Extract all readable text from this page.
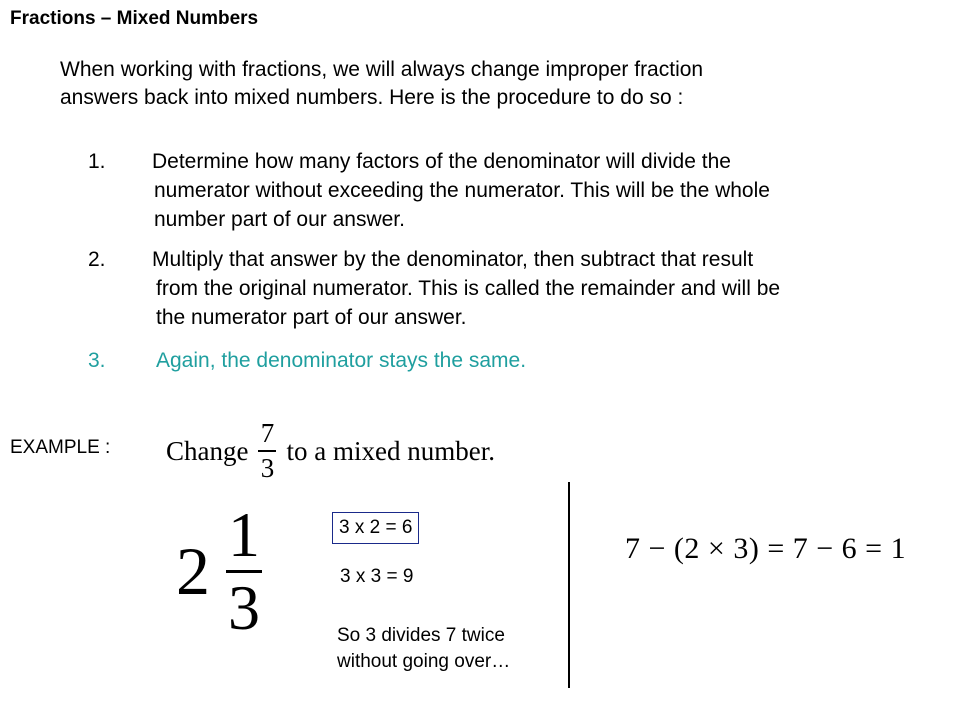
Fractions – Mixed Numbers

When working with fractions, we will always change improper fraction

answers back into mixed numbers. Here is the procedure to do so :

1. Determine how many factors of the denominator will divide the
numerator without exceeding the numerator. This will be the whole
number part of our answer.
2. Multiply that answer by the denominator, then subtract that result
from the original numerator. This is called the remainder and will be
the numerator part of our answer.
3. Again, the denominator stays the same.
EXAMPLE : Change $\frac{7}{3}$ to a mixed number.
$2 \frac{1}{3}$	3 x 2 = 6
3 x 3 = 9

So 3 divides 7 twice

without going over…

7 − (2 × 3) = 7 − 6 = 1
